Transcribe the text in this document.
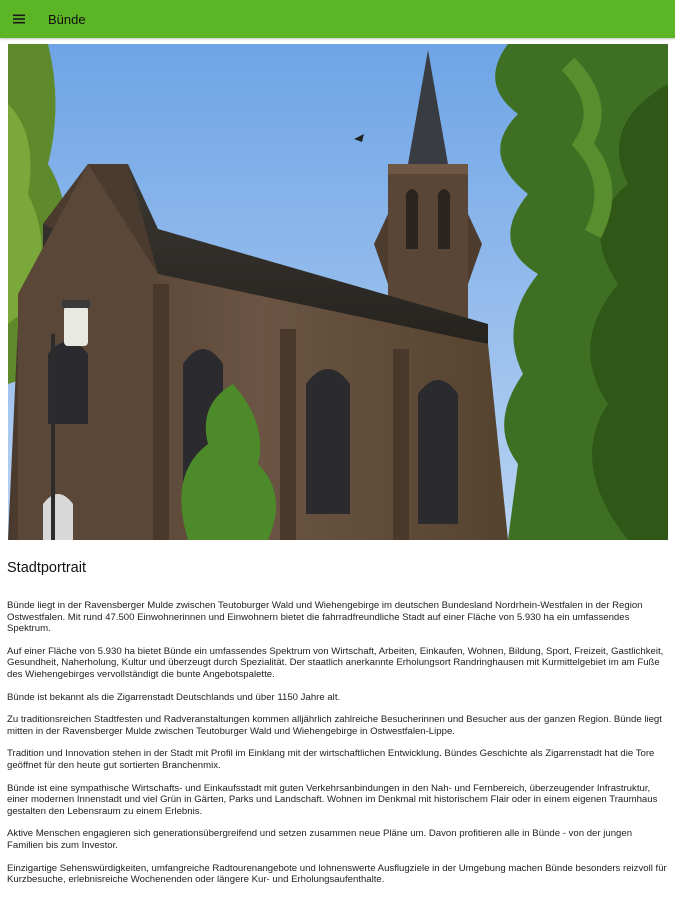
Bünde
Stadtportrait

Bünde liegt in der Ravensberger Mulde zwischen Teutoburger Wald und Wiehengebirge im deutschen Bundesland Nordrhein-Westfalen in der Region Ostwestfalen. Mit rund 47.500 Einwohnerinnen und Einwohnern bietet die fahrradfreundliche Stadt auf einer Fläche von 5.930 ha ein umfassendes Spektrum.

Auf einer Fläche von 5.930 ha bietet Bünde ein umfassendes Spektrum von Wirtschaft, Arbeiten, Einkaufen, Wohnen, Bildung, Sport, Freizeit, Gastlichkeit, Gesundheit, Naherholung, Kultur und überzeugt durch Spezialität. Der staatlich anerkannte Erholungsort Randringhausen mit Kurmittelgebiet im am Fuße des Wiehengebirges vervollständigt die bunte Angebotspalette.

Bünde ist bekannt als die Zigarrenstadt Deutschlands und über 1150 Jahre alt.

Zu traditionsreichen Stadtfesten und Radveranstaltungen kommen alljährlich zahlreiche Besucherinnen und Besucher aus der ganzen Region. Bünde liegt mitten in der Ravensberger Mulde zwischen Teutoburger Wald und Wiehengebirge in Ostwestfalen-Lippe.

Tradition und Innovation stehen in der Stadt mit Profil im Einklang mit der wirtschaftlichen Entwicklung. Bündes Geschichte als Zigarrenstadt hat die Tore geöffnet für den heute gut sortierten Branchenmix.

Bünde ist eine sympathische Wirtschafts- und Einkaufsstadt mit guten Verkehrsanbindungen in den Nah- und Fernbereich, überzeugender Infrastruktur, einer modernen Innenstadt und viel Grün in Gärten, Parks und Landschaft. Wohnen im Denkmal mit historischem Flair oder in einem eigenen Traumhaus gestalten den Lebensraum zu einem Erlebnis.

Aktive Menschen engagieren sich generationsübergreifend und setzen zusammen neue Pläne um. Davon profitieren alle in Bünde - von der jungen Familien bis zum Investor.

Einzigartige Sehenswürdigkeiten, umfangreiche Radtourenangebote und lohnenswerte Ausflugziele in der Umgebung machen Bünde besonders reizvoll für Kurzbesuche, erlebnisreiche Wochenenden oder längere Kur- und Erholungsaufenthalte.
